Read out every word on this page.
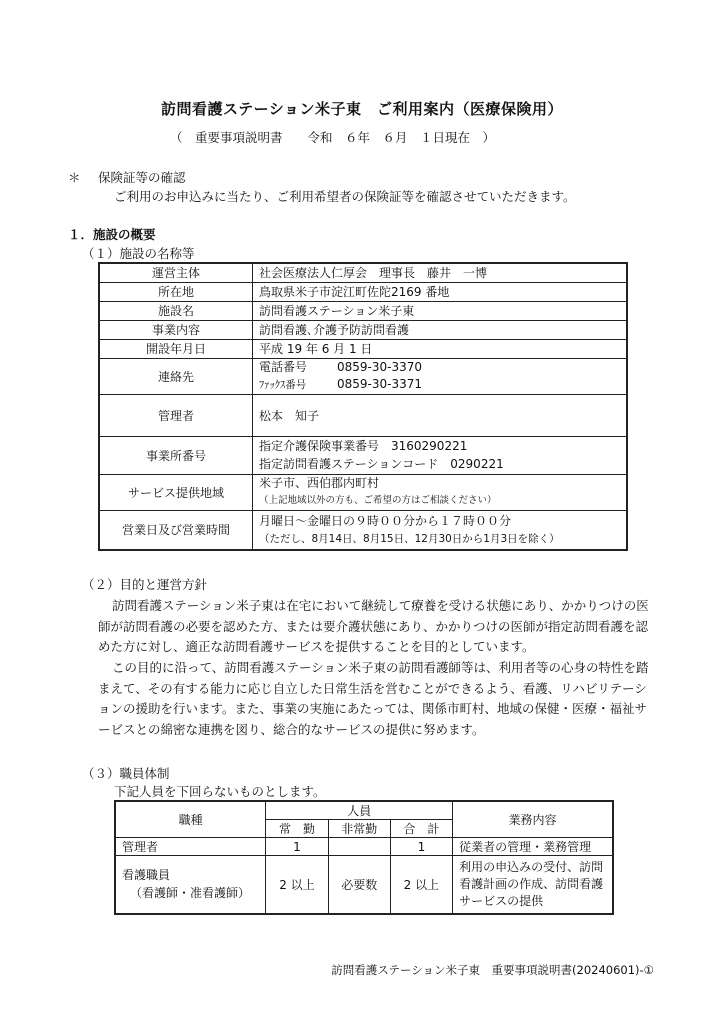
訪問看護ステーション米子東　ご利用案内（医療保険用）
（　重要事項説明書　　令和　６年　６月　１日現在　）
＊ 保険証等の確認
ご利用のお申込みに当たり、ご利用希望者の保険証等を確認させていただきます。
１．施設の概要
（１）施設の名称等
運営主体	社会医療法人仁厚会　理事長　藤井　一博
所在地	鳥取県米子市淀江町佐陀2169 番地
施設名	訪問看護ステーション米子東
事業内容	訪問看護､介護予防訪問看護
開設年月日	平成 19 年 6 月 1 日
連絡先	電話番号 0859-30-3370
ﾌｧｯｸｽ番号 0859-30-3371

管理者	松本　知子
事業所番号	指定介護保険事業番号　3160290221
指定訪問看護ステーションコード　0290221

サービス提供地域	米子市、西伯郡内町村
（上記地域以外の方も、ご希望の方はご相談ください）

営業日及び営業時間	月曜日～金曜日の９時００分から１７時００分
（ただし、8月14日、8月15日、12月30日から1月3日を除く）
（２）目的と運営方針
訪問看護ステーション米子東は在宅において継続して療養を受ける状態にあり、かかりつけの医師が訪問看護の必要を認めた方、または要介護状態にあり、かかりつけの医師が指定訪問看護を認めた方に対し、適正な訪問看護サービスを提供することを目的としています。
この目的に沿って、訪問看護ステーション米子東の訪問看護師等は、利用者等の心身の特性を踏まえて、その有する能力に応じ自立した日常生活を営むことができるよう、看護、リハビリテーションの援助を行います。また、事業の実施にあたっては、関係市町村、地域の保健・医療・福祉サービスとの綿密な連携を図り、総合的なサービスの提供に努めます。
（３）職員体制
下記人員を下回らないものとします。
職種	人員			業務内容
	常　勤	非常勤	合　計	
管理者	1		1	従業者の管理・業務管理

看護職員
（看護師・准看護師）	2 以上	必要数	2 以上	利用の申込みの受付、訪問看護計画の作成、訪問看護サービスの提供
訪問看護ステーション米子東　重要事項説明書(20240601)-①
